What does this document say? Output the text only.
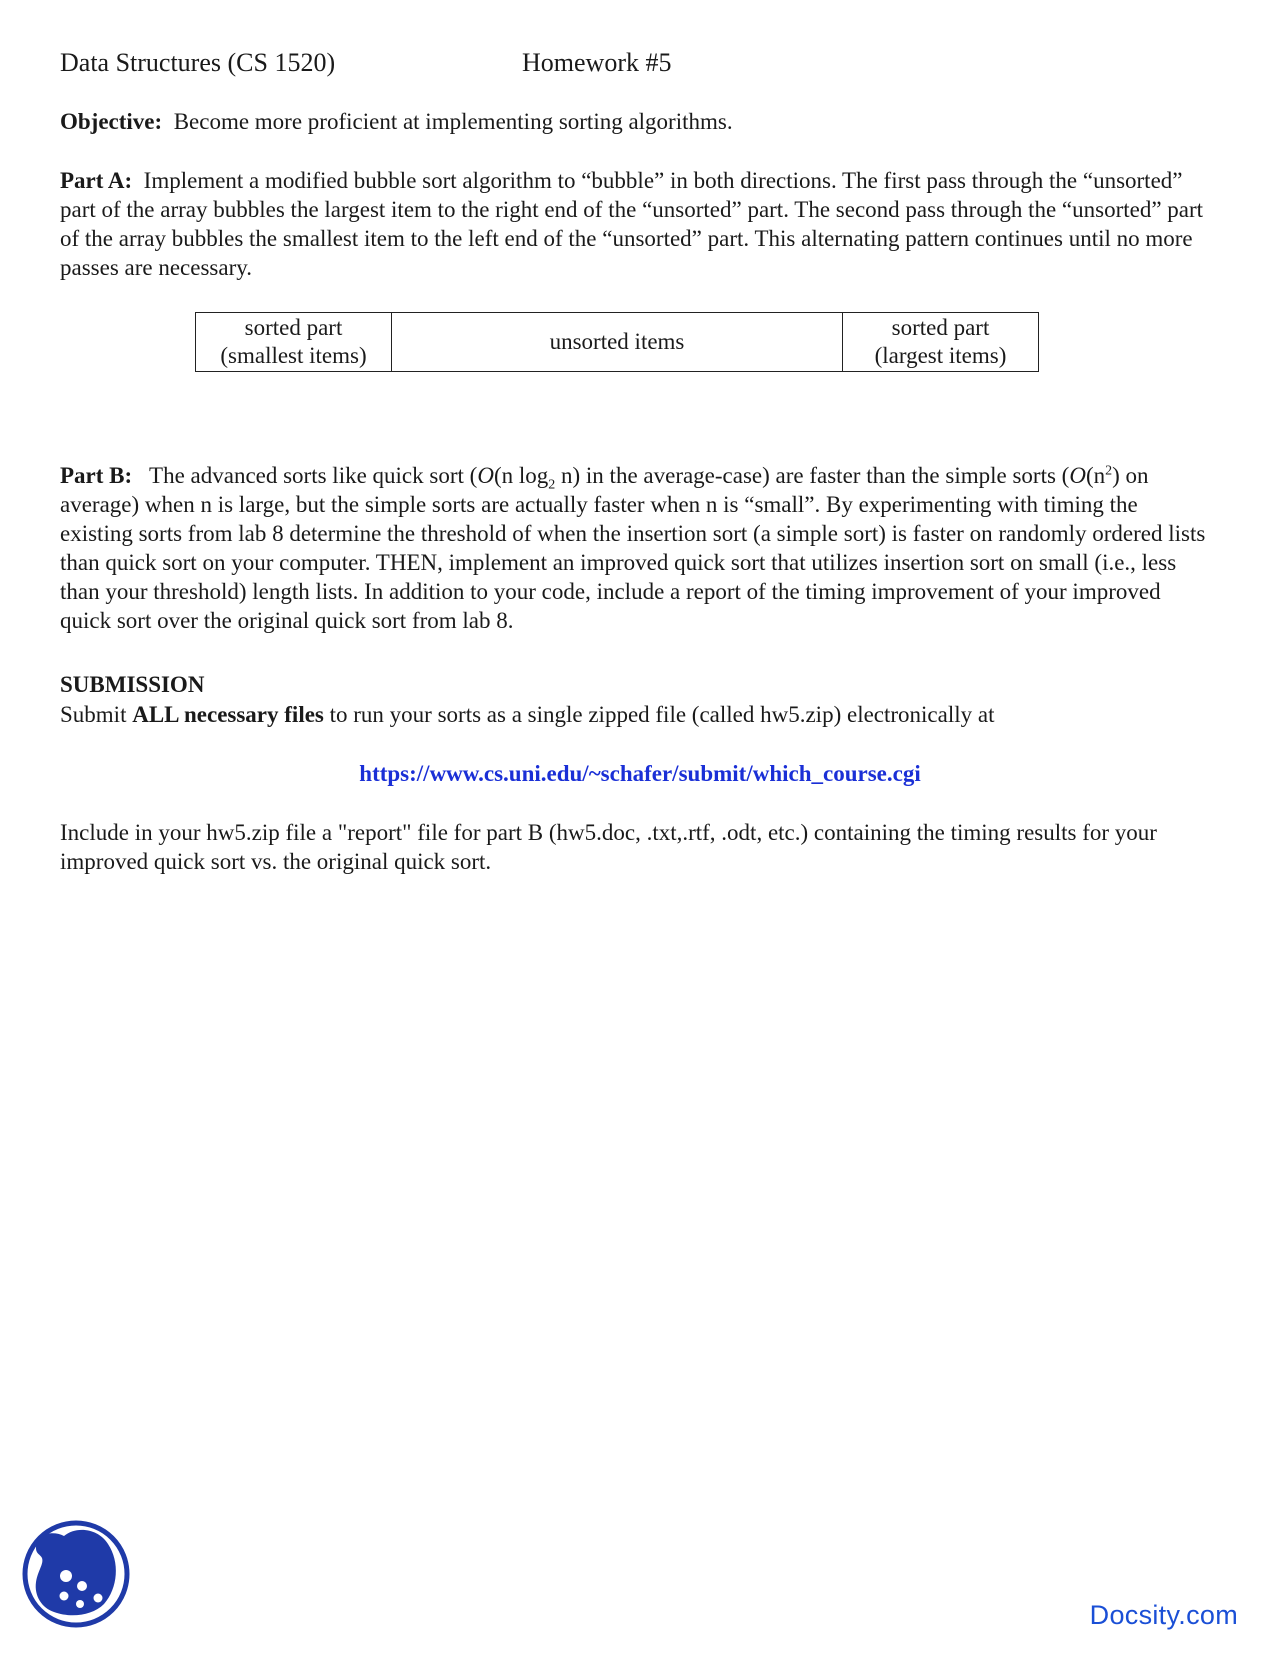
Data Structures (CS 1520)	Homework #5

Objective: Become more proficient at implementing sorting algorithms.

Part A: Implement a modified bubble sort algorithm to “bubble” in both directions. The first pass through the “unsorted” part of the array bubbles the largest item to the right end of the “unsorted” part. The second pass through the “unsorted” part of the array bubbles the smallest item to the left end of the “unsorted” part. This alternating pattern continues until no more passes are necessary.

sorted part
(smallest items)
unsorted items
sorted part
(largest items)

Part B: The advanced sorts like quick sort (O(n $\log_2 n$) in the average-case) are faster than the simple sorts ($O(n^2)$ on average) when n is large, but the simple sorts are actually faster when n is “small”. By experimenting with timing the existing sorts from lab 8 determine the threshold of when the insertion sort (a simple sort) is faster on randomly ordered lists than quick sort on your computer. THEN, implement an improved quick sort that utilizes insertion sort on small (i.e., less than your threshold) length lists. In addition to your code, include a report of the timing improvement of your improved quick sort over the original quick sort from lab 8.

SUBMISSION

Submit ALL necessary files to run your sorts as a single zipped file (called hw5.zip) electronically at

https://www.cs.uni.edu/~schafer/submit/which_course.cgi

Include in your hw5.zip file a "report" file for part B (hw5.doc, .txt,.rtf, .odt, etc.) containing the timing results for your improved quick sort vs. the original quick sort.

Docsity.com
